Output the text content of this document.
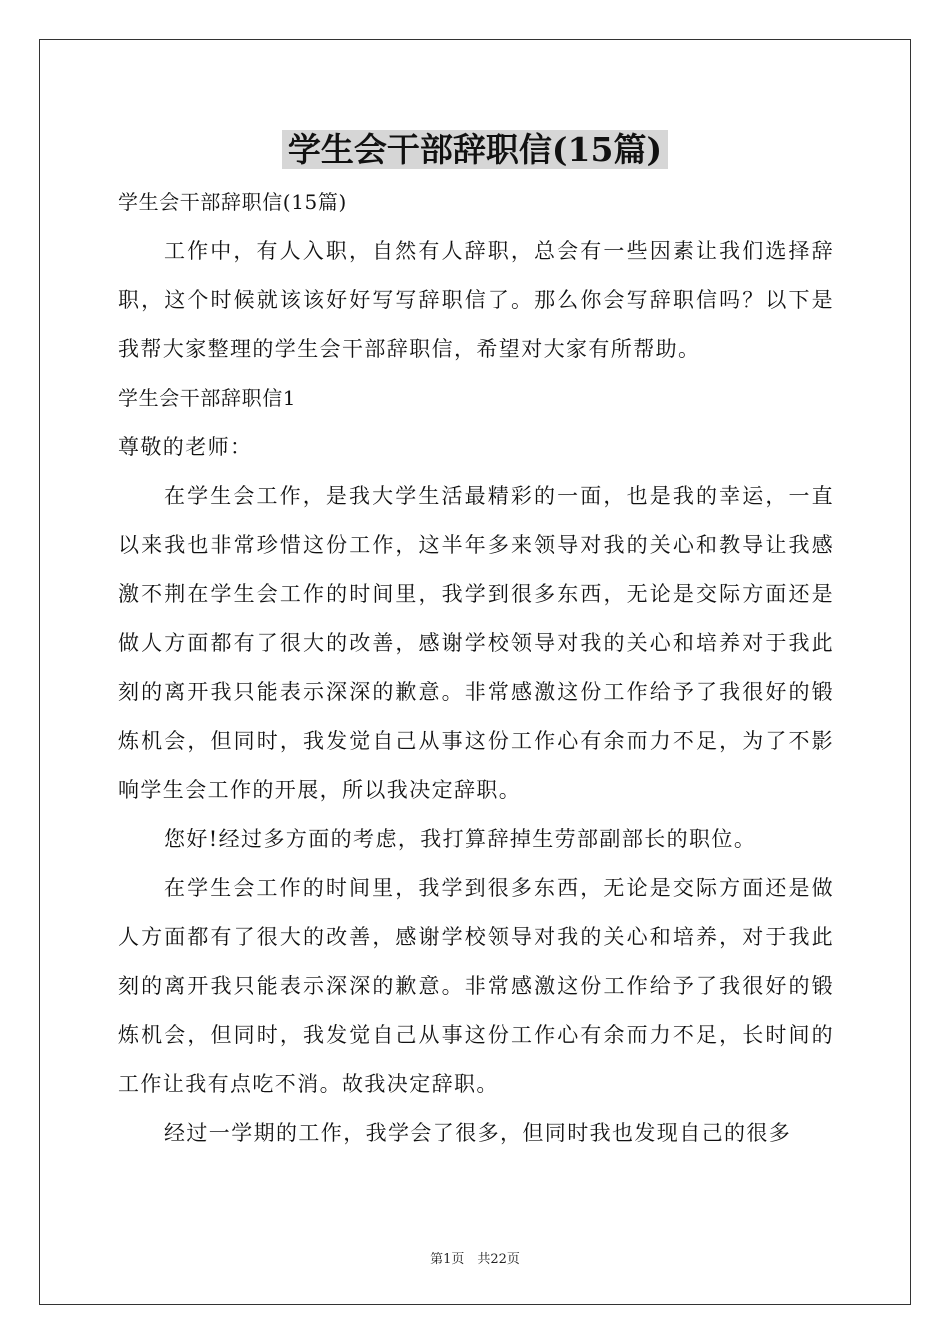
学生会干部辞职信(15篇)

学生会干部辞职信(15篇)

工作中，有人入职，自然有人辞职，总会有一些因素让我们选择辞职，这个时候就该该好好写写辞职信了。那么你会写辞职信吗？以下是我帮大家整理的学生会干部辞职信，希望对大家有所帮助。

学生会干部辞职信1

尊敬的老师：

在学生会工作，是我大学生活最精彩的一面，也是我的幸运，一直以来我也非常珍惜这份工作，这半年多来领导对我的关心和教导让我感激不荆在学生会工作的时间里，我学到很多东西，无论是交际方面还是做人方面都有了很大的改善，感谢学校领导对我的关心和培养对于我此刻的离开我只能表示深深的歉意。非常感激这份工作给予了我很好的锻炼机会，但同时，我发觉自己从事这份工作心有余而力不足，为了不影响学生会工作的开展，所以我决定辞职。

您好!经过多方面的考虑，我打算辞掉生劳部副部长的职位。

在学生会工作的时间里，我学到很多东西，无论是交际方面还是做人方面都有了很大的改善，感谢学校领导对我的关心和培养，对于我此刻的离开我只能表示深深的歉意。非常感激这份工作给予了我很好的锻炼机会，但同时，我发觉自己从事这份工作心有余而力不足，长时间的工作让我有点吃不消。故我决定辞职。

经过一学期的工作，我学会了很多，但同时我也发现自己的很多

第1页　共22页
